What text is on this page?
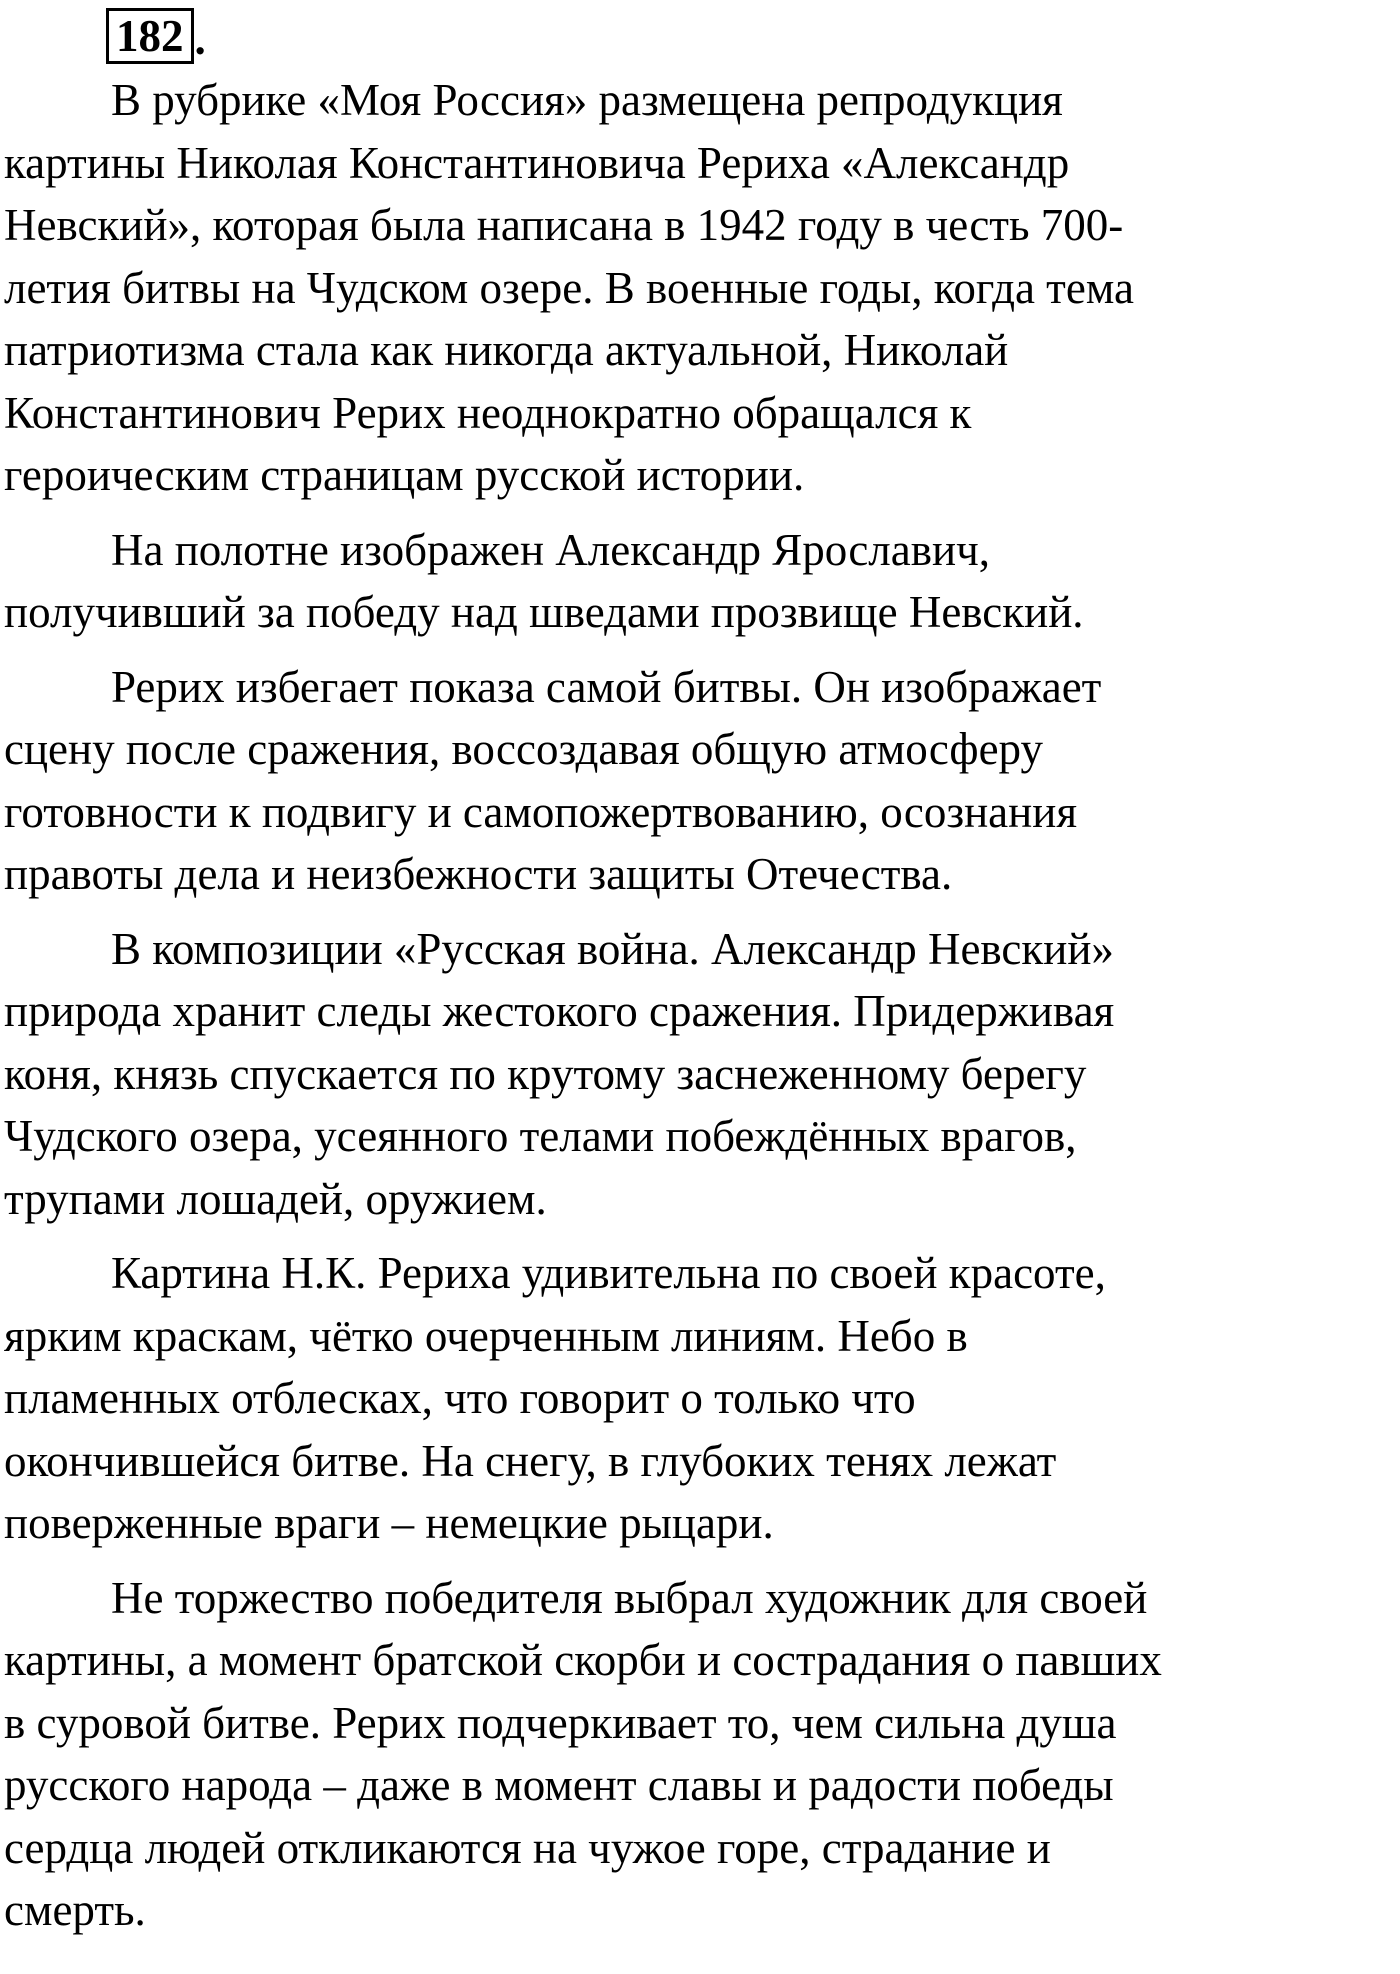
182 .
В рубрике «Моя Россия» размещена репродукция
картины Николая Константиновича Рериха «Александр
Невский», которая была написана в 1942 году в честь 700-
летия битвы на Чудском озере. В военные годы, когда тема
патриотизма стала как никогда актуальной, Николай
Константинович Рерих неоднократно обращался к
героическим страницам русской истории.
На полотне изображен Александр Ярославич,
получивший за победу над шведами прозвище Невский.
Рерих избегает показа самой битвы. Он изображает
сцену после сражения, воссоздавая общую атмосферу
готовности к подвигу и самопожертвованию, осознания
правоты дела и неизбежности защиты Отечества.
В композиции «Русская война. Александр Невский»
природа хранит следы жестокого сражения. Придерживая
коня, князь спускается по крутому заснеженному берегу
Чудского озера, усеянного телами побеждённых врагов,
трупами лошадей, оружием.
Картина Н.К. Рериха удивительна по своей красоте,
ярким краскам, чётко очерченным линиям. Небо в
пламенных отблесках, что говорит о только что
окончившейся битве. На снегу, в глубоких тенях лежат
поверженные враги – немецкие рыцари.
Не торжество победителя выбрал художник для своей
картины, а момент братской скорби и сострадания о павших
в суровой битве. Рерих подчеркивает то, чем сильна душа
русского народа – даже в момент славы и радости победы
сердца людей откликаются на чужое горе, страдание и
смерть.
